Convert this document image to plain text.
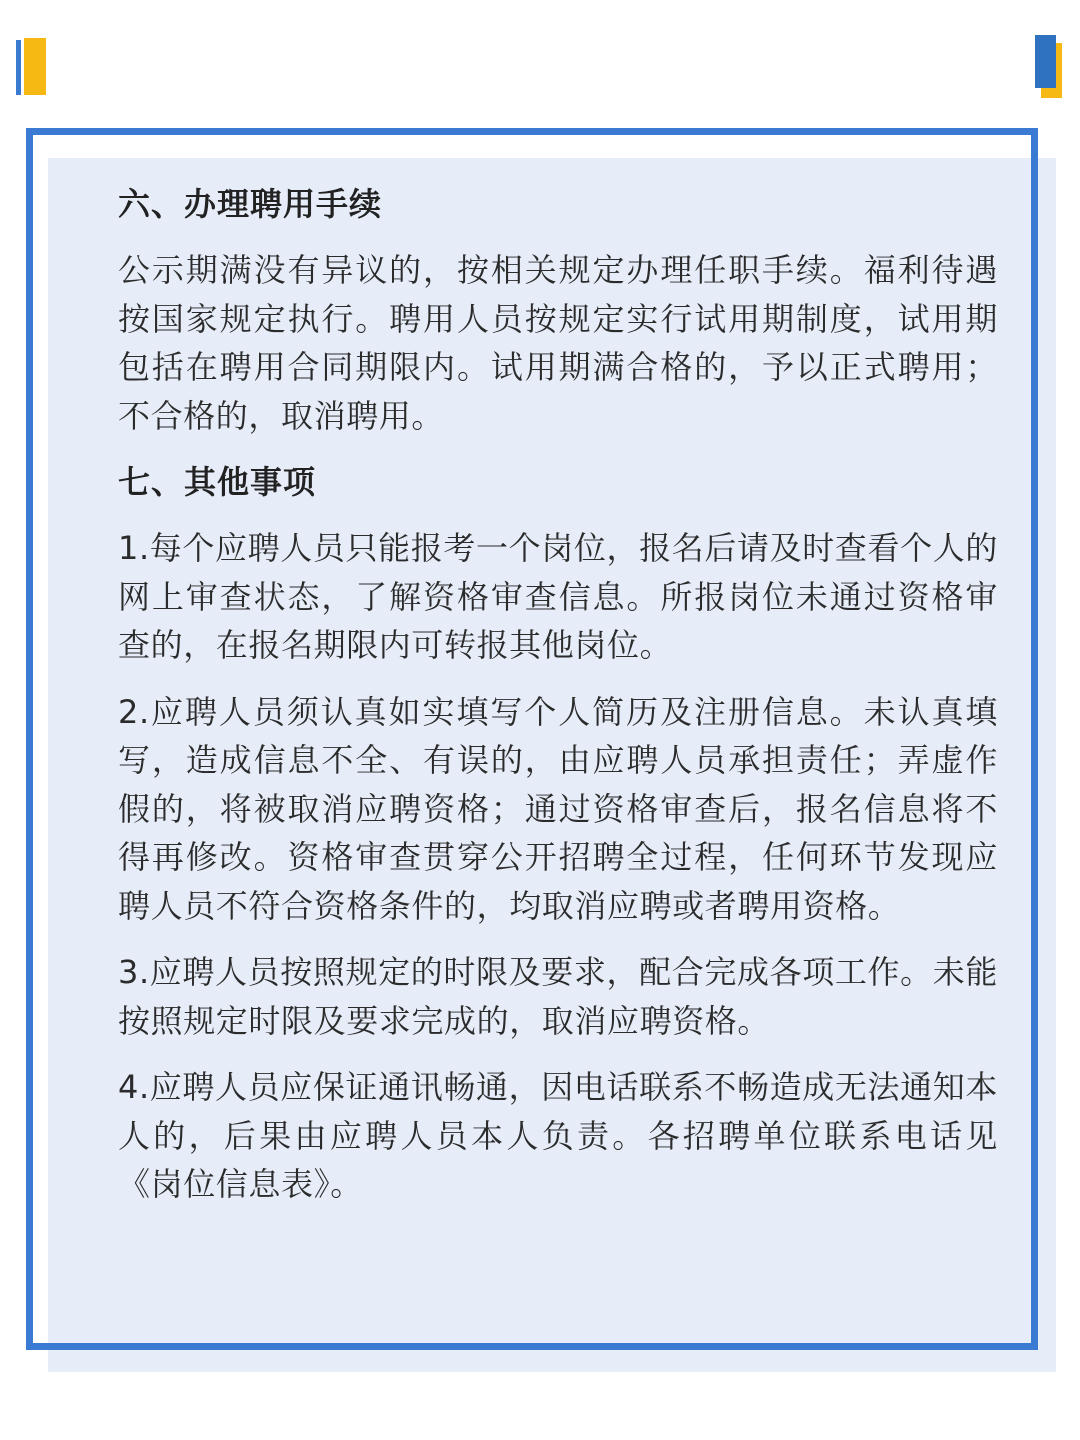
六、办理聘用手续
公示期满没有异议的，按相关规定办理任职手续。福利待遇按国家规定执行。聘用人员按规定实行试用期制度，试用期包括在聘用合同期限内。试用期满合格的，予以正式聘用；不合格的，取消聘用。
七、其他事项
1.每个应聘人员只能报考一个岗位，报名后请及时查看个人的网上审查状态，了解资格审查信息。所报岗位未通过资格审查的，在报名期限内可转报其他岗位。
2.应聘人员须认真如实填写个人简历及注册信息。未认真填写，造成信息不全、有误的，由应聘人员承担责任；弄虚作假的，将被取消应聘资格；通过资格审查后，报名信息将不得再修改。资格审查贯穿公开招聘全过程，任何环节发现应聘人员不符合资格条件的，均取消应聘或者聘用资格。
3.应聘人员按照规定的时限及要求，配合完成各项工作。未能按照规定时限及要求完成的，取消应聘资格。
4.应聘人员应保证通讯畅通，因电话联系不畅造成无法通知本人的，后果由应聘人员本人负责。各招聘单位联系电话见《岗位信息表》。
